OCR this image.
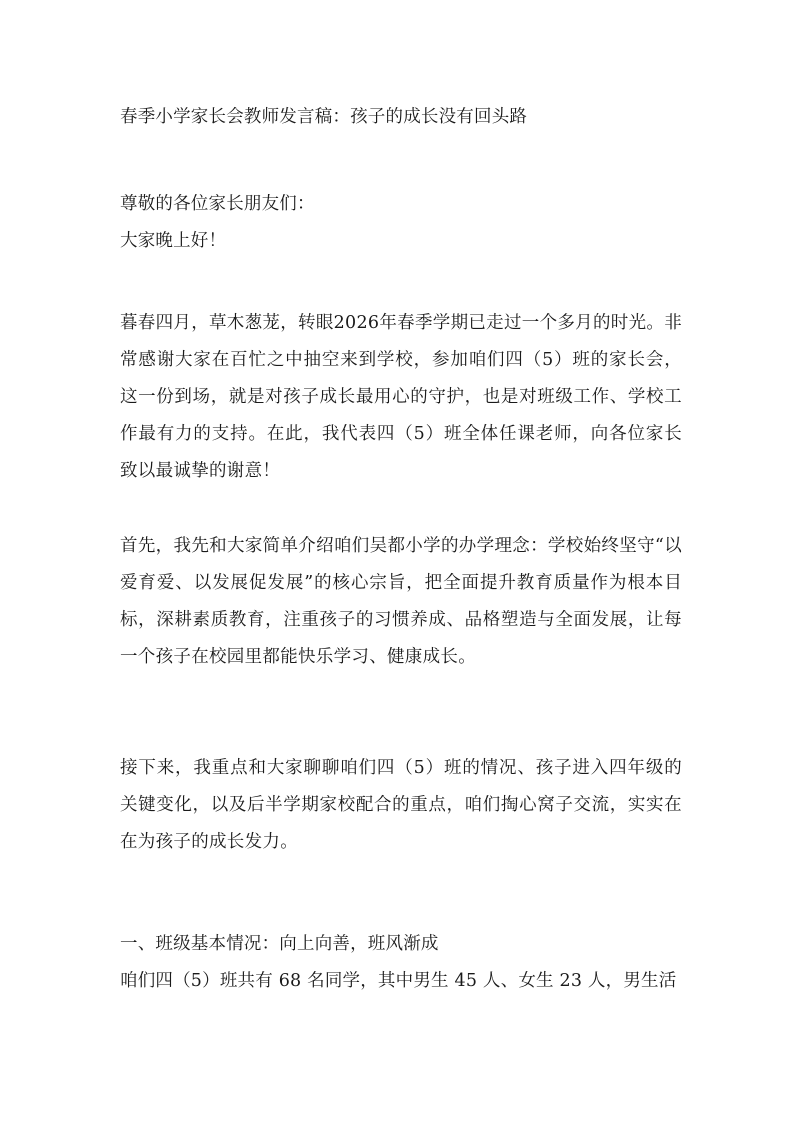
春季小学家长会教师发言稿：孩子的成长没有回头路
尊敬的各位家长朋友们：
大家晚上好！
暮春四月，草木葱茏，转眼2026年春季学期已走过一个多月的时光。非常感谢大家在百忙之中抽空来到学校，参加咱们四（5）班的家长会，这一份到场，就是对孩子成长最用心的守护，也是对班级工作、学校工作最有力的支持。在此，我代表四（5）班全体任课老师，向各位家长致以最诚挚的谢意！
首先，我先和大家简单介绍咱们吴都小学的办学理念：学校始终坚守“以爱育爱、以发展促发展”的核心宗旨，把全面提升教育质量作为根本目标，深耕素质教育，注重孩子的习惯养成、品格塑造与全面发展，让每一个孩子在校园里都能快乐学习、健康成长。
接下来，我重点和大家聊聊咱们四（5）班的情况、孩子进入四年级的关键变化，以及后半学期家校配合的重点，咱们掏心窝子交流，实实在在为孩子的成长发力。
一、班级基本情况：向上向善，班风渐成
咱们四（5）班共有 68 名同学，其中男生 45 人、女生 23 人，男生活
